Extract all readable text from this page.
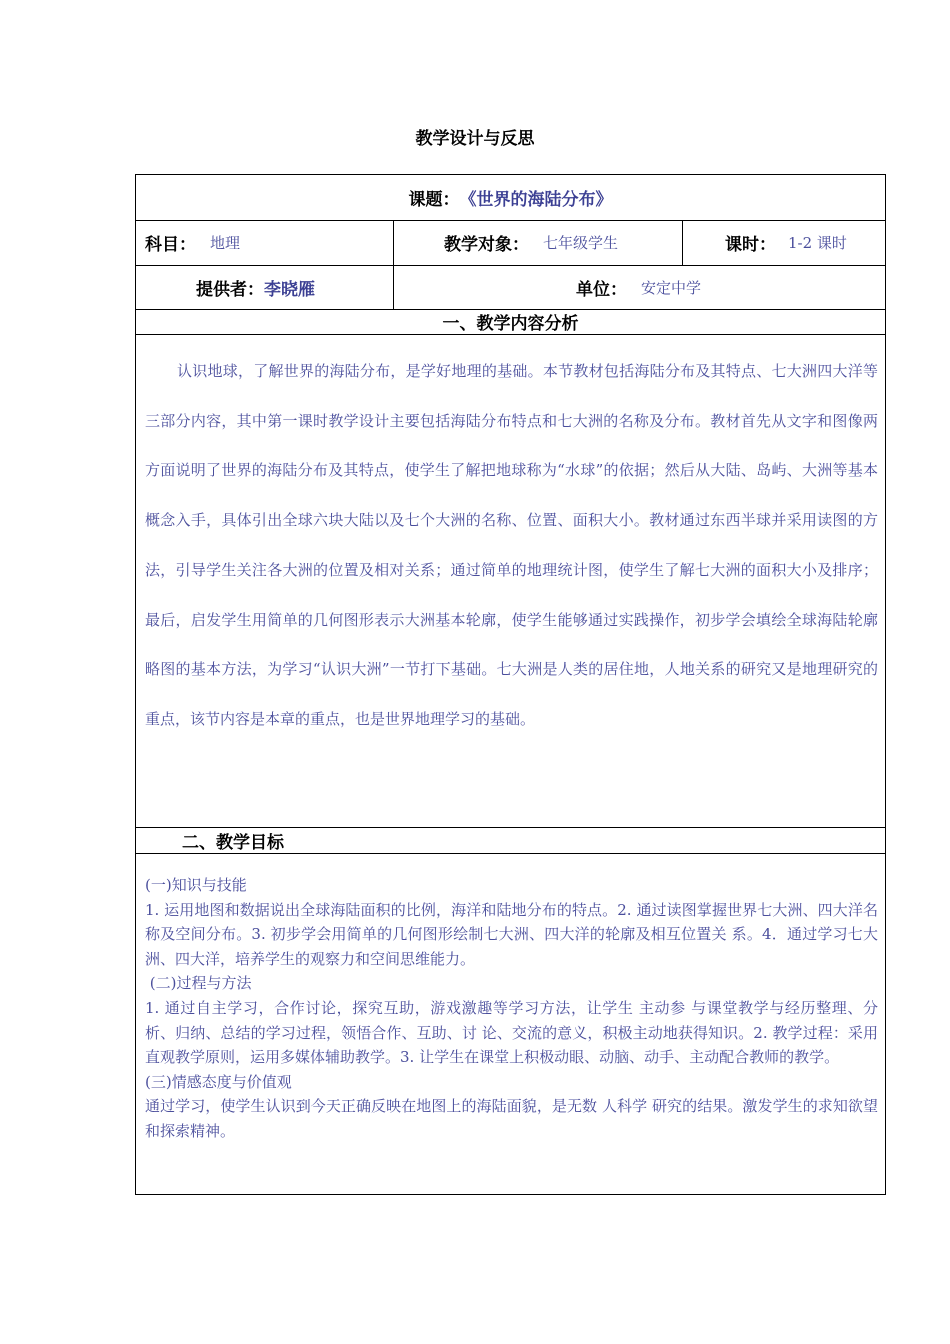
教学设计与反思
课题： 《世界的海陆分布》
科目： 地理	教学对象： 七年级学生	课时： 1-2 课时
提供者： 李晓雁	单位： 安定中学
一、教学内容分析

认识地球，了解世界的海陆分布，是学好地理的基础。本节教材包括海陆分布及其特点、七大洲四大洋等三部分内容，其中第一课时教学设计主要包括海陆分布特点和七大洲的名称及分布。教材首先从文字和图像两方面说明了世界的海陆分布及其特点，使学生了解把地球称为“水球”的依据；然后从大陆、岛屿、大洲等基本概念入手，具体引出全球六块大陆以及七个大洲的名称、位置、面积大小。教材通过东西半球并采用读图的方法，引导学生关注各大洲的位置及相对关系；通过简单的地理统计图，使学生了解七大洲的面积大小及排序；最后，启发学生用简单的几何图形表示大洲基本轮廓，使学生能够通过实践操作，初步学会填绘全球海陆轮廓略图的基本方法，为学习“认识大洲”一节打下基础。七大洲是人类的居住地，人地关系的研究又是地理研究的重点，该节内容是本章的重点，也是世界地理学习的基础。

二、教学目标

(一)知识与技能

1. 运用地图和数据说出全球海陆面积的比例，海洋和陆地分布的特点。2. 通过读图掌握世界七大洲、四大洋名称及空间分布。3. 初步学会用简单的几何图形绘制七大洲、四大洋的轮廓及相互位置关 系。4．通过学习七大洲、四大洋，培养学生的观察力和空间思维能力。

(二)过程与方法

1. 通过自主学习，合作讨论，探究互助，游戏激趣等学习方法，让学生 主动参 与课堂教学与经历整理、分析、归纳、总结的学习过程，领悟合作、互助、讨 论、交流的意义，积极主动地获得知识。2. 教学过程：采用直观教学原则，运用多媒体辅助教学。3. 让学生在课堂上积极动眼、动脑、动手、主动配合教师的教学。

(三)情感态度与价值观

通过学习，使学生认识到今天正确反映在地图上的海陆面貌，是无数 人科学 研究的结果。激发学生的求知欲望和探索精神。
